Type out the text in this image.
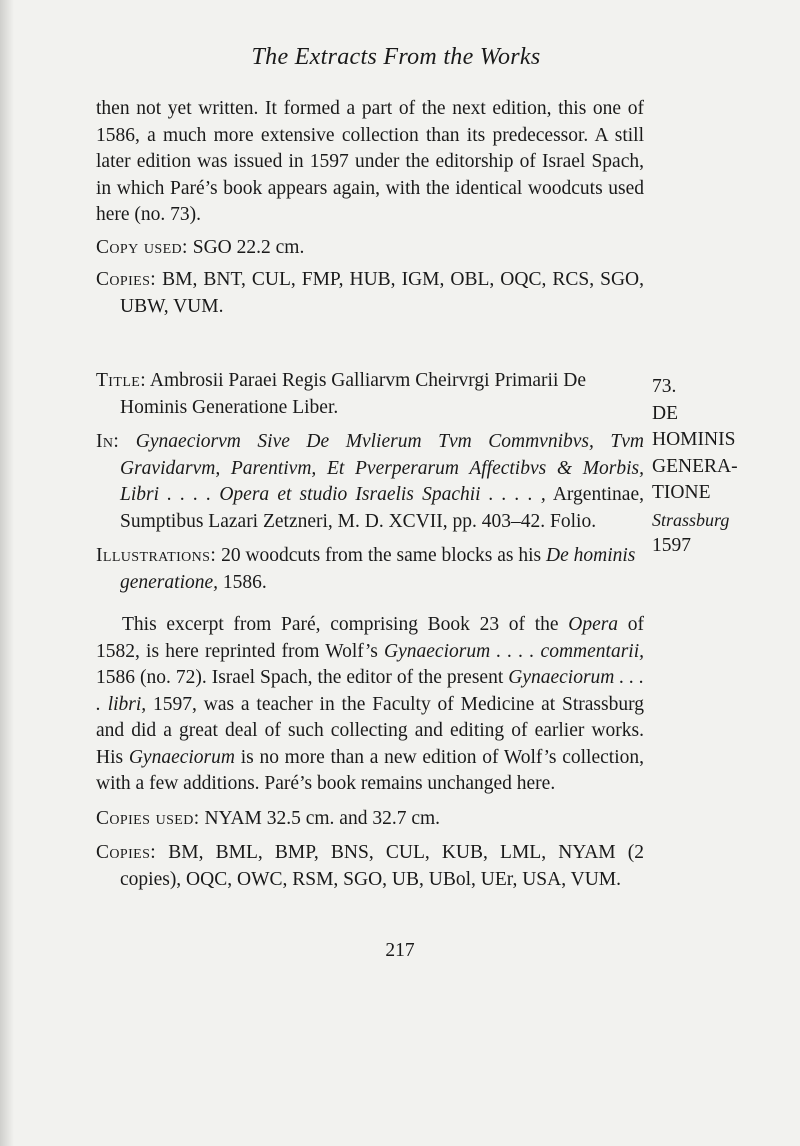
The Extracts From the Works

then not yet written. It formed a part of the next edition, this one of 1586, a much more extensive collection than its predecessor. A still later edition was issued in 1597 under the editorship of Israel Spach, in which Paré’s book appears again, with the identical woodcuts used here (no. 73).

Copy used: SGO 22.2 cm.

Copies: BM, BNT, CUL, FMP, HUB, IGM, OBL, OQC, RCS, SGO, UBW, VUM.

Title: Ambrosii Paraei Regis Galliarvm Cheirvrgi Primarii De Hominis Generatione Liber.

In: Gynaeciorvm Sive De Mvlierum Tvm Commvnibvs, Tvm Gravidarvm, Parentivm, Et Pverperarum Affectibvs & Morbis, Libri . . . . Opera et studio Israelis Spachii . . . . , Argentinae, Sumptibus Lazari Zetzneri, M. D. XCVII, pp. 403–42. Folio.

Illustrations: 20 woodcuts from the same blocks as his De hominis generatione, 1586.

This excerpt from Paré, comprising Book 23 of the Opera of 1582, is here reprinted from Wolf’s Gynaeciorum . . . . commentarii, 1586 (no. 72). Israel Spach, the editor of the present Gynaeciorum . . . . libri, 1597, was a teacher in the Faculty of Medicine at Strassburg and did a great deal of such collecting and editing of earlier works. His Gynaeciorum is no more than a new edition of Wolf’s collection, with a few additions. Paré’s book remains unchanged here.

Copies used: NYAM 32.5 cm. and 32.7 cm.

Copies: BM, BML, BMP, BNS, CUL, KUB, LML, NYAM (2 copies), OQC, OWC, RSM, SGO, UB, UBol, UEr, USA, VUM.

73.
DE HOMINIS GENERA-TIONE
Strassburg
1597
217
